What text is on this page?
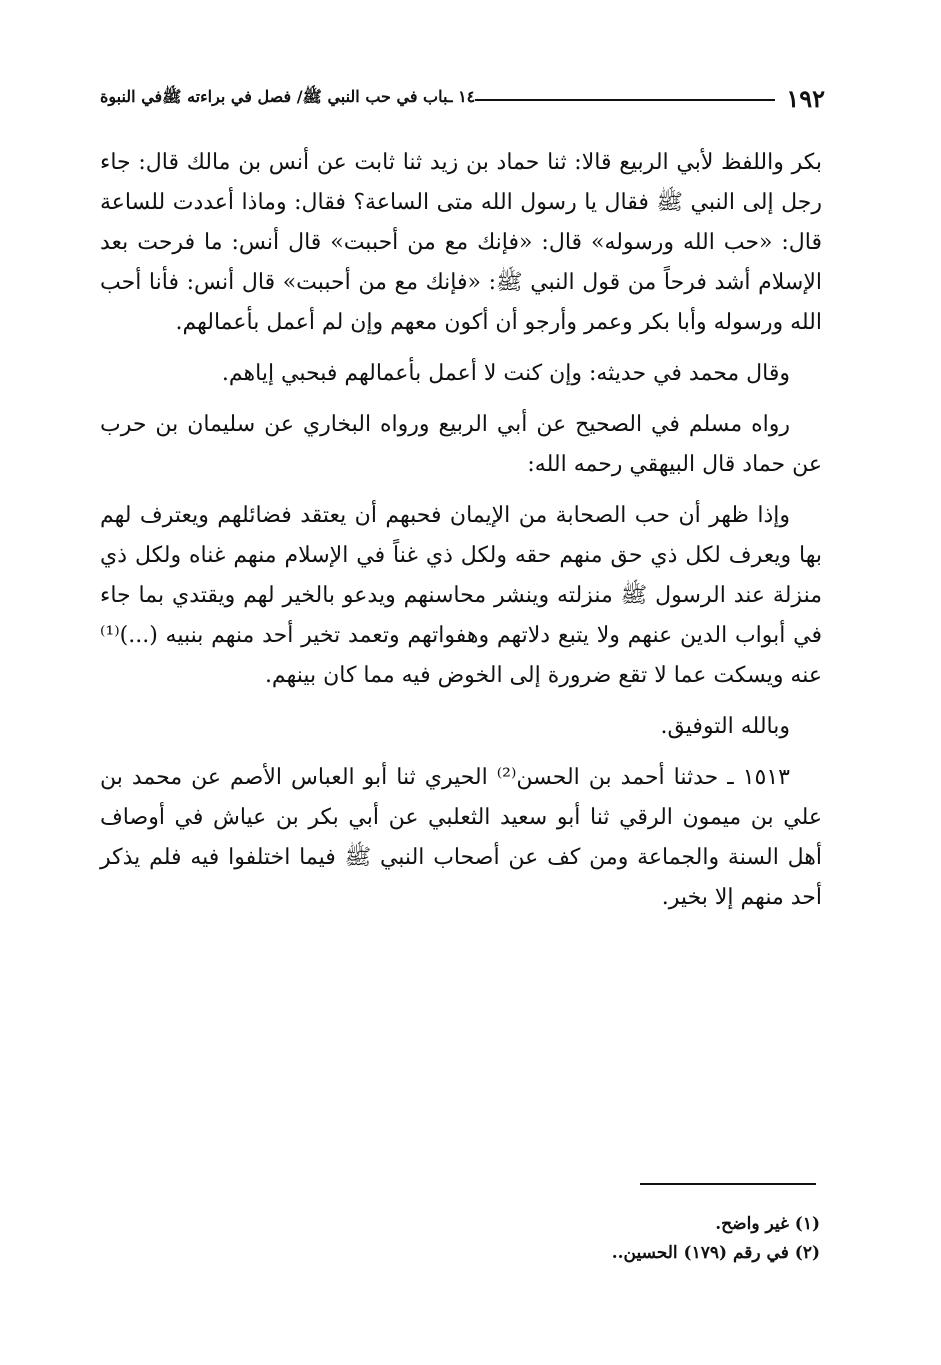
١٩٢
١٤ ـباب في حب النبي ﷺ/ فصل في براءته ﷺفي النبوة

بكر واللفظ لأبي الربيع قالا: ثنا حماد بن زيد ثنا ثابت عن أنس بن مالك قال: جاء رجل إلى النبي ﷺ فقال يا رسول الله متى الساعة؟ فقال: وماذا أعددت للساعة قال: «حب الله ورسوله» قال: «فإنك مع من أحببت» قال أنس: ما فرحت بعد الإسلام أشد فرحاً من قول النبي ﷺ: «فإنك مع من أحببت» قال أنس: فأنا أحب الله ورسوله وأبا بكر وعمر وأرجو أن أكون معهم وإن لم أعمل بأعمالهم.

وقال محمد في حديثه: وإن كنت لا أعمل بأعمالهم فبحبي إياهم.

رواه مسلم في الصحيح عن أبي الربيع ورواه البخاري عن سليمان بن حرب عن حماد قال البيهقي رحمه الله:

وإذا ظهر أن حب الصحابة من الإيمان فحبهم أن يعتقد فضائلهم ويعترف لهم بها ويعرف لكل ذي حق منهم حقه ولكل ذي غناً في الإسلام منهم غناه ولكل ذي منزلة عند الرسول ﷺ منزلته وينشر محاسنهم ويدعو بالخير لهم ويقتدي بما جاء في أبواب الدين عنهم ولا يتبع دلاتهم وهفواتهم وتعمد تخير أحد منهم بنبيه (...)⁽¹⁾ عنه ويسكت عما لا تقع ضرورة إلى الخوض فيه مما كان بينهم.

وبالله التوفيق.

١٥١٣ ـ حدثنا أحمد بن الحسن⁽²⁾ الحيري ثنا أبو العباس الأصم عن محمد بن علي بن ميمون الرقي ثنا أبو سعيد الثعلبي عن أبي بكر بن عياش في أوصاف أهل السنة والجماعة ومن كف عن أصحاب النبي ﷺ فيما اختلفوا فيه فلم يذكر أحد منهم إلا بخير.

(١) غير واضح.

(٢) في رقم (١٧٩) الحسين..
